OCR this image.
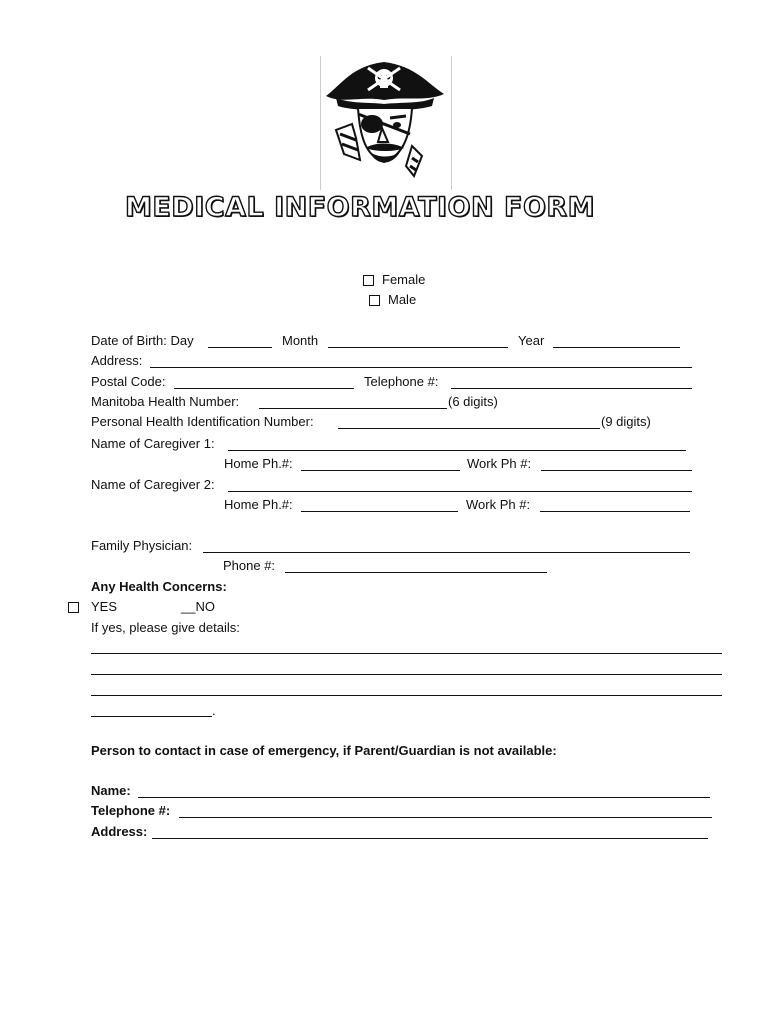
MEDICAL INFORMATION FORM
Female
Male
Date of Birth: Day	Month	Year
Address:
Postal Code:	Telephone #:
Manitoba Health Number:	(6 digits)
Personal Health Identification Number:	(9 digits)
Name of Caregiver 1:
Home Ph.#:	Work Ph #:
Name of Caregiver 2:
Home Ph.#:	Work Ph #:
Family Physician:
Phone #:
Any Health Concerns:
YES	__NO
If yes, please give details:
.
Person to contact in case of emergency, if Parent/Guardian is not available:
Name:
Telephone #:
Address:
